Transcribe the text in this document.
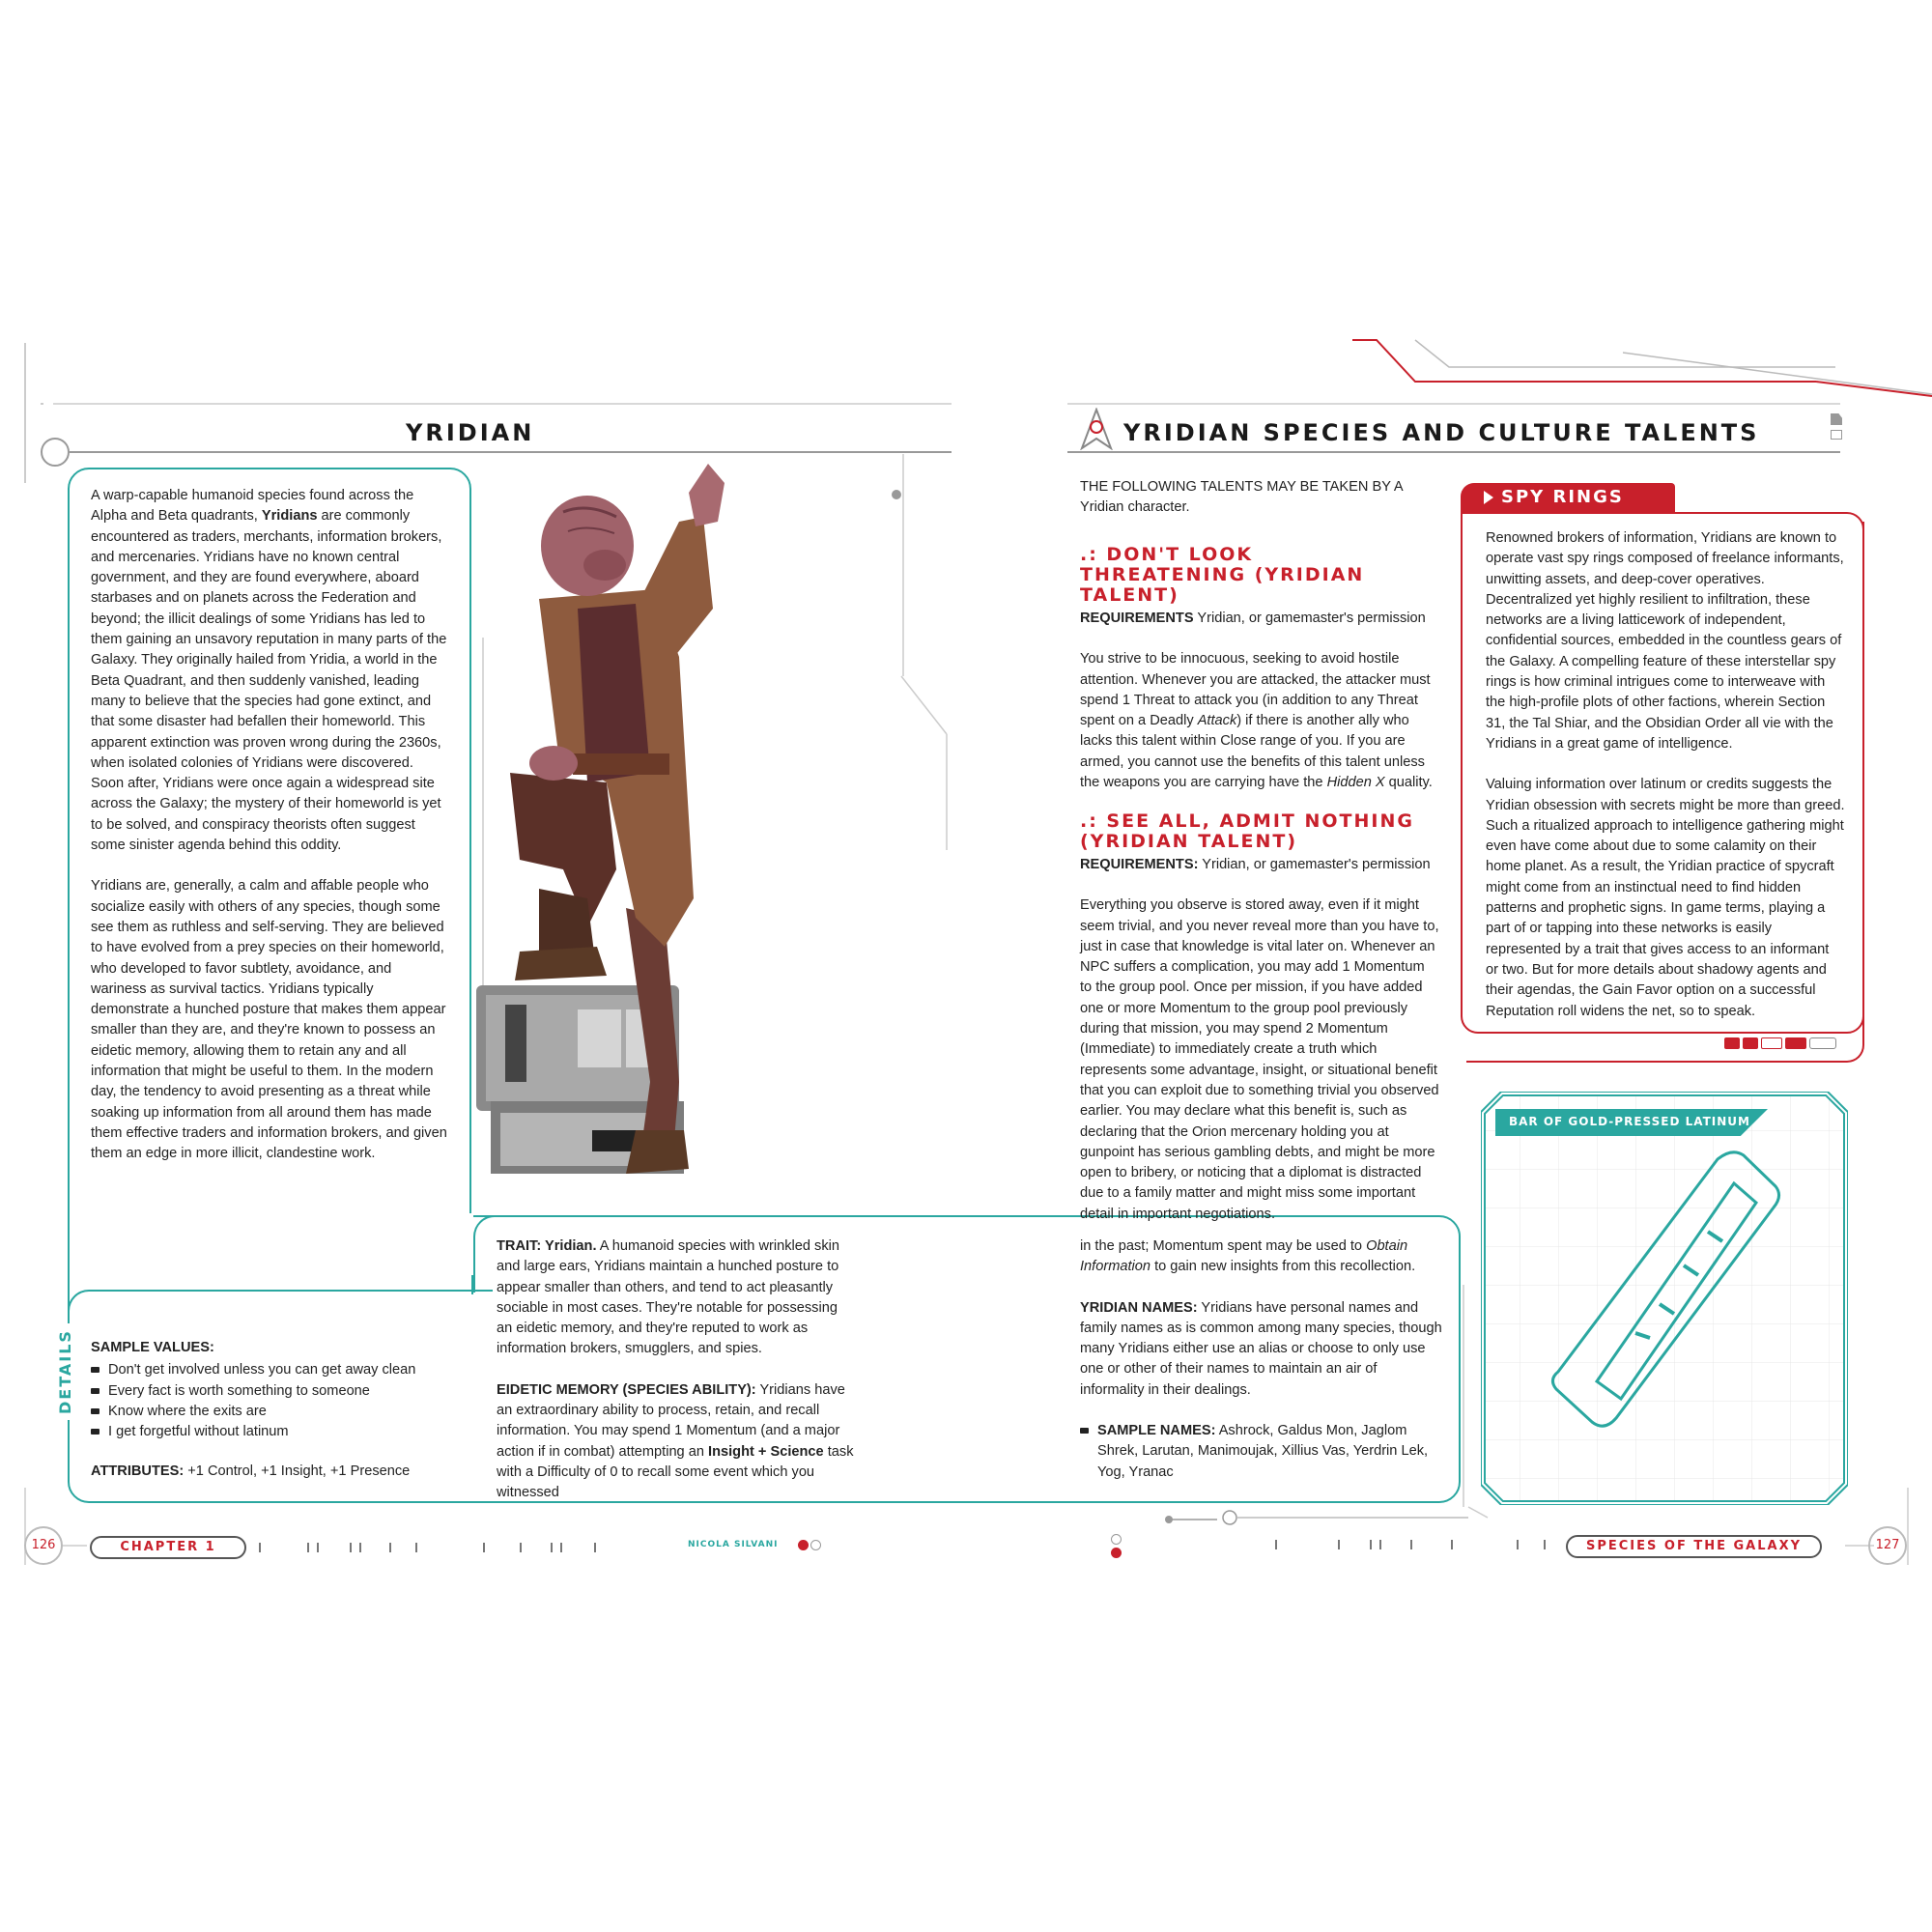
YRIDIAN

A warp-capable humanoid species found across the Alpha and Beta quadrants, Yridians are commonly encountered as traders, merchants, information brokers, and mercenaries. Yridians have no known central government, and they are found everywhere, aboard starbases and on planets across the Federation and beyond; the illicit dealings of some Yridians has led to them gaining an unsavory reputation in many parts of the Galaxy. They originally hailed from Yridia, a world in the Beta Quadrant, and then suddenly vanished, leading many to believe that the species had gone extinct, and that some disaster had befallen their homeworld. This apparent extinction was proven wrong during the 2360s, when isolated colonies of Yridians were discovered. Soon after, Yridians were once again a widespread site across the Galaxy; the mystery of their homeworld is yet to be solved, and conspiracy theorists often suggest some sinister agenda behind this oddity.

Yridians are, generally, a calm and affable people who socialize easily with others of any species, though some see them as ruthless and self-serving. They are believed to have evolved from a prey species on their homeworld, who developed to favor subtlety, avoidance, and wariness as survival tactics. Yridians typically demonstrate a hunched posture that makes them appear smaller than they are, and they're known to possess an eidetic memory, allowing them to retain any and all information that might be useful to them. In the modern day, the tendency to avoid presenting as a threat while soaking up information from all around them has made them effective traders and information brokers, and given them an edge in more illicit, clandestine work.

DETAILS SAMPLE VALUES:
Don't get involved unless you can get away clean
Every fact is worth something to someone
Know where the exits are
I get forgetful without latinum
ATTRIBUTES: +1 Control, +1 Insight, +1 Presence

TRAIT: Yridian. A humanoid species with wrinkled skin and large ears, Yridians maintain a hunched posture to appear smaller than others, and tend to act pleasantly sociable in most cases. They're notable for possessing an eidetic memory, and they're reputed to work as information brokers, smugglers, and spies.

EIDETIC MEMORY (SPECIES ABILITY): Yridians have an extraordinary ability to process, retain, and recall information. You may spend 1 Momentum (and a major action if in combat) attempting an Insight + Science task with a Difficulty of 0 to recall some event which you witnessed

in the past; Momentum spent may be used to Obtain Information to gain new insights from this recollection.

YRIDIAN NAMES: Yridians have personal names and family names as is common among many species, though many Yridians either use an alias or choose to only use one or other of their names to maintain an air of informality in their dealings.

SAMPLE NAMES: Ashrock, Galdus Mon, Jaglom Shrek, Larutan, Manimoujak, Xillius Vas, Yerdrin Lek, Yog, Yranac
126	CHAPTER 1	NICOLA SILVANI
YRIDIAN SPECIES AND CULTURE TALENTS
THE FOLLOWING TALENTS MAY BE TAKEN BY A Yridian character.
.: DON'T LOOK THREATENING (YRIDIAN TALENT)

REQUIREMENTS Yridian, or gamemaster's permission

You strive to be innocuous, seeking to avoid hostile attention. Whenever you are attacked, the attacker must spend 1 Threat to attack you (in addition to any Threat spent on a Deadly Attack) if there is another ally who lacks this talent within Close range of you. If you are armed, you cannot use the benefits of this talent unless the weapons you are carrying have the Hidden X quality.

.: SEE ALL, ADMIT NOTHING (YRIDIAN TALENT)

REQUIREMENTS: Yridian, or gamemaster's permission

Everything you observe is stored away, even if it might seem trivial, and you never reveal more than you have to, just in case that knowledge is vital later on. Whenever an NPC suffers a complication, you may add 1 Momentum to the group pool. Once per mission, if you have added one or more Momentum to the group pool previously during that mission, you may spend 2 Momentum (Immediate) to immediately create a truth which represents some advantage, insight, or situational benefit that you can exploit due to something trivial you observed earlier. You may declare what this benefit is, such as declaring that the Orion mercenary holding you at gunpoint has serious gambling debts, and might be more open to bribery, or noticing that a diplomat is distracted due to a family matter and might miss some important detail in important negotiations.

SPY RINGS

Renowned brokers of information, Yridians are known to operate vast spy rings composed of freelance informants, unwitting assets, and deep-cover operatives. Decentralized yet highly resilient to infiltration, these networks are a living latticework of independent, confidential sources, embedded in the countless gears of the Galaxy. A compelling feature of these interstellar spy rings is how criminal intrigues come to interweave with the high-profile plots of other factions, wherein Section 31, the Tal Shiar, and the Obsidian Order all vie with the Yridians in a great game of intelligence.

Valuing information over latinum or credits suggests the Yridian obsession with secrets might be more than greed. Such a ritualized approach to intelligence gathering might even have come about due to some calamity on their home planet. As a result, the Yridian practice of spycraft might come from an instinctual need to find hidden patterns and prophetic signs. In game terms, playing a part of or tapping into these networks is easily represented by a trait that gives access to an informant or two. But for more details about shadowy agents and their agendas, the Gain Favor option on a successful Reputation roll widens the net, so to speak.

BAR OF GOLD-PRESSED LATINUM
SPECIES OF THE GALAXY	127
